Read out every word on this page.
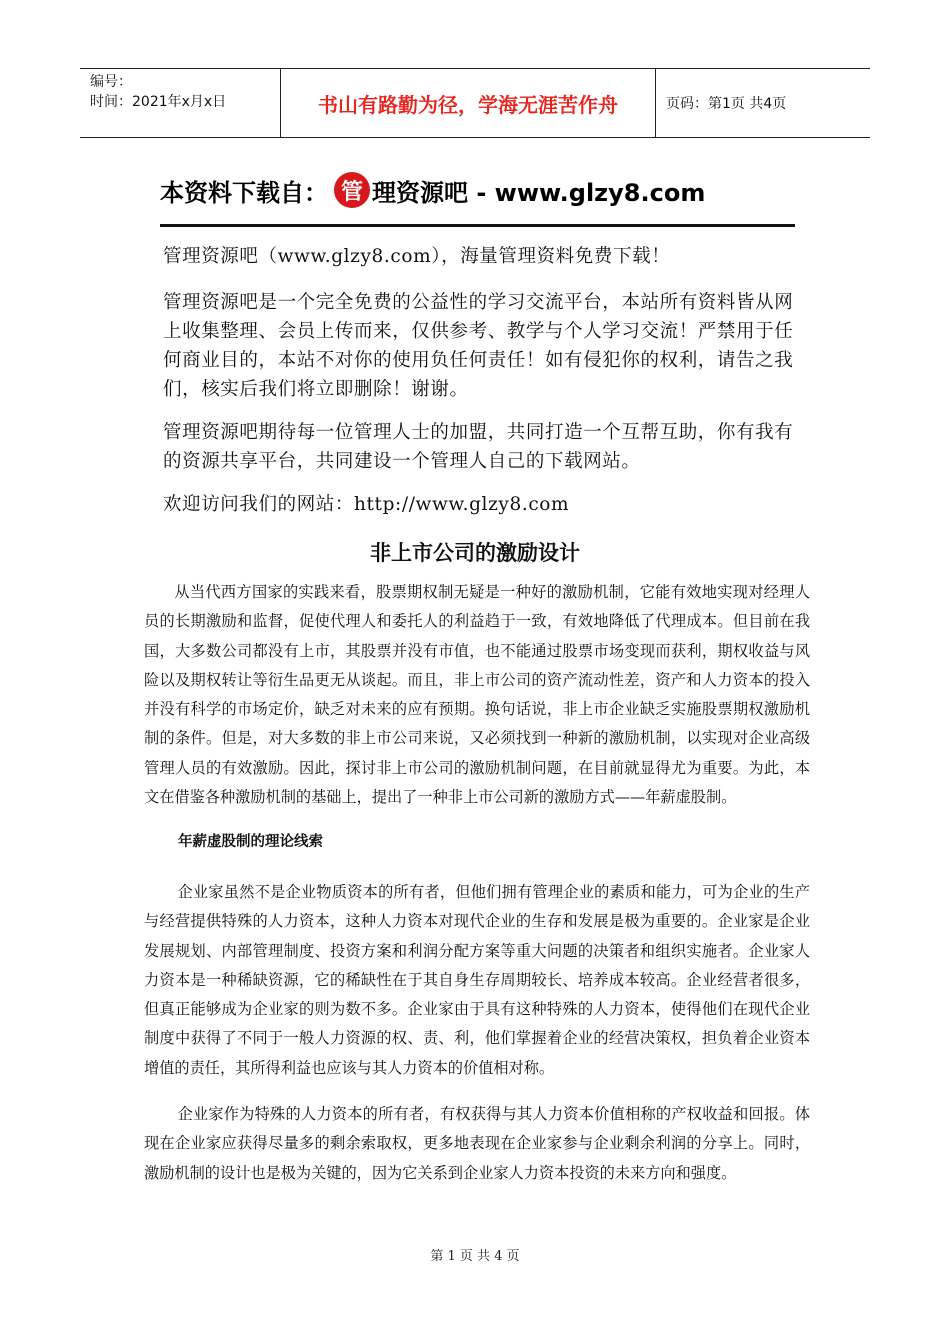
编号：
时间：2021年x月x日	书山有路勤为径，学海无涯苦作舟	页码：第1页 共4页
本资料下载自： 管 理资源吧 - www.glzy8.com
管理资源吧（www.glzy8.com），海量管理资料免费下载！
管理资源吧是一个完全免费的公益性的学习交流平台，本站所有资料皆从网上收集整理、会员上传而来，仅供参考、教学与个人学习交流！严禁用于任何商业目的，本站不对你的使用负任何责任！如有侵犯你的权利，请告之我们，核实后我们将立即删除！谢谢。
管理资源吧期待每一位管理人士的加盟，共同打造一个互帮互助，你有我有的资源共享平台，共同建设一个管理人自己的下载网站。
欢迎访问我们的网站：http://www.glzy8.com
非上市公司的激励设计
从当代西方国家的实践来看，股票期权制无疑是一种好的激励机制，它能有效地实现对经理人员的长期激励和监督，促使代理人和委托人的利益趋于一致，有效地降低了代理成本。但目前在我国，大多数公司都没有上市，其股票并没有市值，也不能通过股票市场变现而获利，期权收益与风险以及期权转让等衍生品更无从谈起。而且，非上市公司的资产流动性差，资产和人力资本的投入并没有科学的市场定价，缺乏对未来的应有预期。换句话说，非上市企业缺乏实施股票期权激励机制的条件。但是，对大多数的非上市公司来说，又必须找到一种新的激励机制，以实现对企业高级管理人员的有效激励。因此，探讨非上市公司的激励机制问题，在目前就显得尤为重要。为此，本文在借鉴各种激励机制的基础上，提出了一种非上市公司新的激励方式——年薪虚股制。
年薪虚股制的理论线索
企业家虽然不是企业物质资本的所有者，但他们拥有管理企业的素质和能力，可为企业的生产与经营提供特殊的人力资本，这种人力资本对现代企业的生存和发展是极为重要的。企业家是企业发展规划、内部管理制度、投资方案和利润分配方案等重大问题的决策者和组织实施者。企业家人力资本是一种稀缺资源，它的稀缺性在于其自身生存周期较长、培养成本较高。企业经营者很多，但真正能够成为企业家的则为数不多。企业家由于具有这种特殊的人力资本，使得他们在现代企业制度中获得了不同于一般人力资源的权、责、利，他们掌握着企业的经营决策权，担负着企业资本增值的责任，其所得利益也应该与其人力资本的价值相对称。
企业家作为特殊的人力资本的所有者，有权获得与其人力资本价值相称的产权收益和回报。体现在企业家应获得尽量多的剩余索取权，更多地表现在企业家参与企业剩余利润的分享上。同时，激励机制的设计也是极为关键的，因为它关系到企业家人力资本投资的未来方向和强度。
第 1 页 共 4 页
